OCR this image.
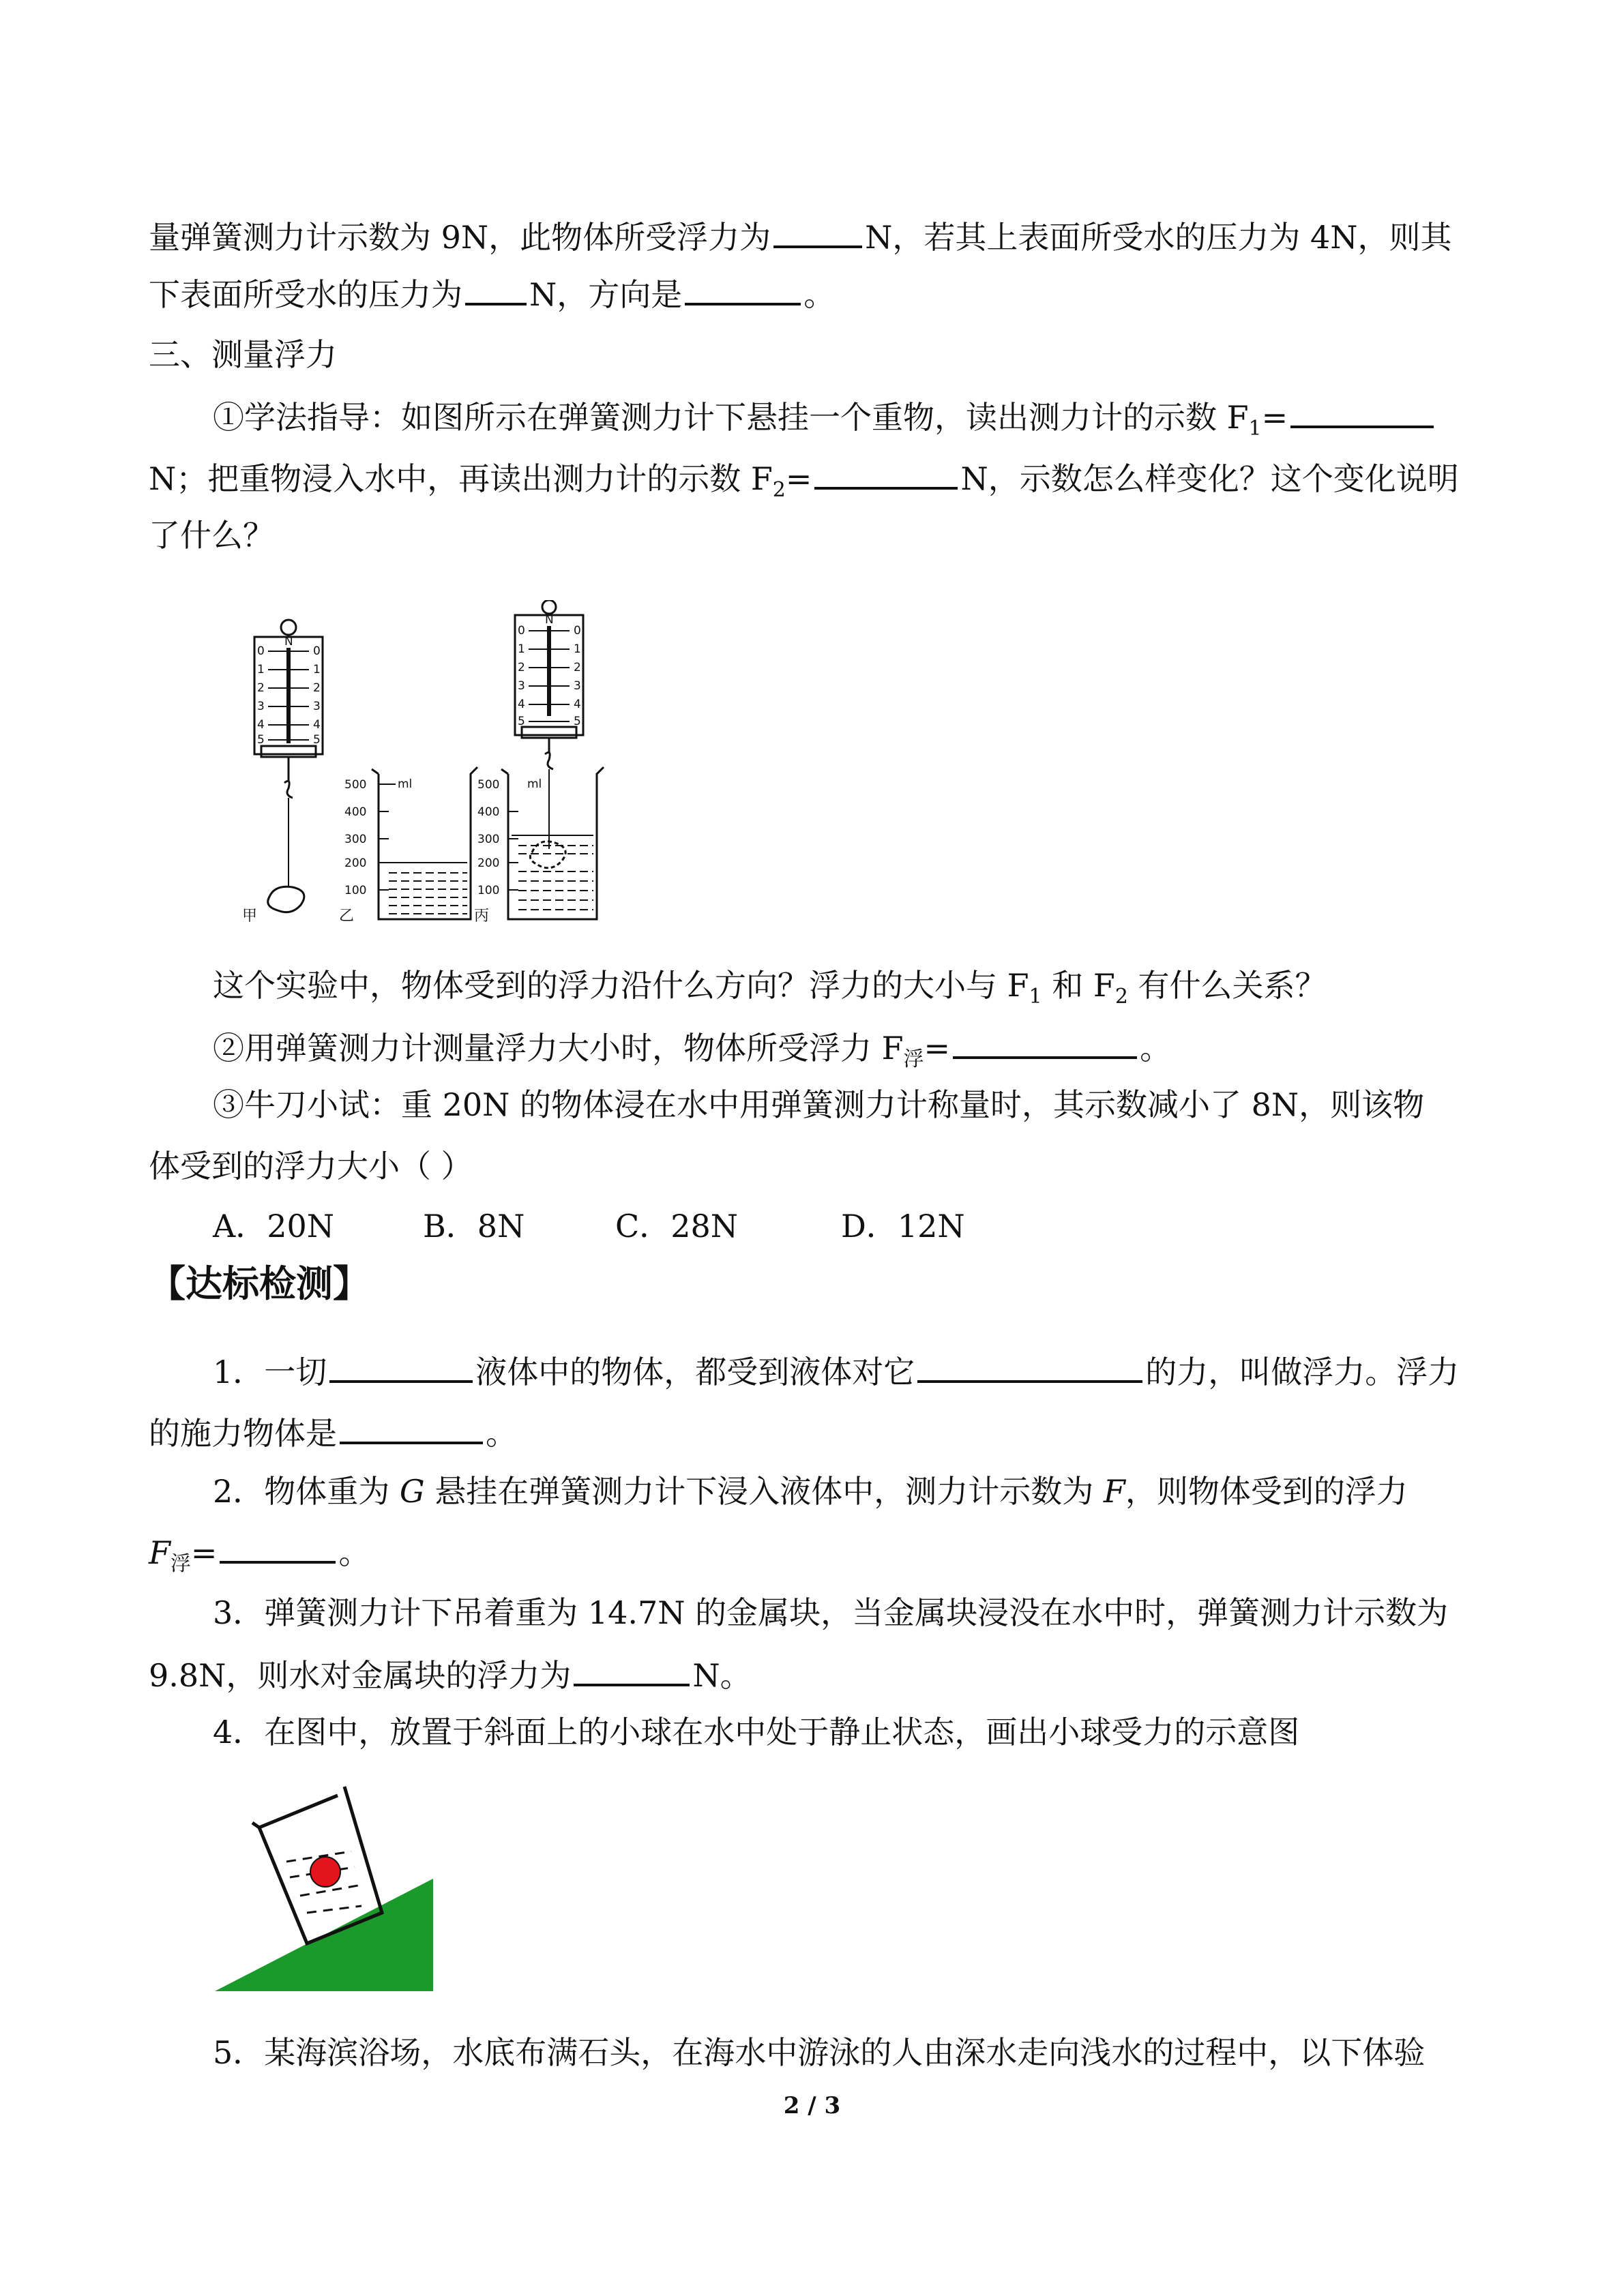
量弹簧测力计示数为 9N，此物体所受浮力为	N，若其上表面所受水的压力为 4N，则其
下表面所受水的压力为 N，方向是	。
三、测量浮力
①学法指导：如图所示在弹簧测力计下悬挂一个重物，读出测力计的示数 $F_1=$
N；把重物浸入水中，再读出测力计的示数 $F_2=$	N，示数怎么样变化？这个变化说明
了什么？
N
0
1
2
3
4
5
0
1
2
3
4
5
N
0
1
2
3
4
5
0
1
2
3
4
5
ml
500
400
300
200
100
ml
500
400
300
200
100
甲	乙	丙
这个实验中，物体受到的浮力沿什么方向？浮力的大小与 $F_1$ 和 $F_2$ 有什么关系？
②用弹簧测力计测量浮力大小时，物体所受浮力 $F_浮=$	。
③牛刀小试：重 20N 的物体浸在水中用弹簧测力计称量时，其示数减小了 8N，则该物
体受到的浮力大小（ ）
A．20N	B．8N	C．28N	D．12N
【达标检测】
1．一切	液体中的物体，都受到液体对它	的力，叫做浮力。浮力
的施力物体是	。
2．物体重为 G 悬挂在弹簧测力计下浸入液体中，测力计示数为 F，则物体受到的浮力
$F_浮=$	。
3．弹簧测力计下吊着重为 14.7N 的金属块，当金属块浸没在水中时，弹簧测力计示数为
9.8N，则水对金属块的浮力为	N。
4．在图中，放置于斜面上的小球在水中处于静止状态，画出小球受力的示意图
5．某海滨浴场，水底布满石头，在海水中游泳的人由深水走向浅水的过程中，以下体验
2 / 3
